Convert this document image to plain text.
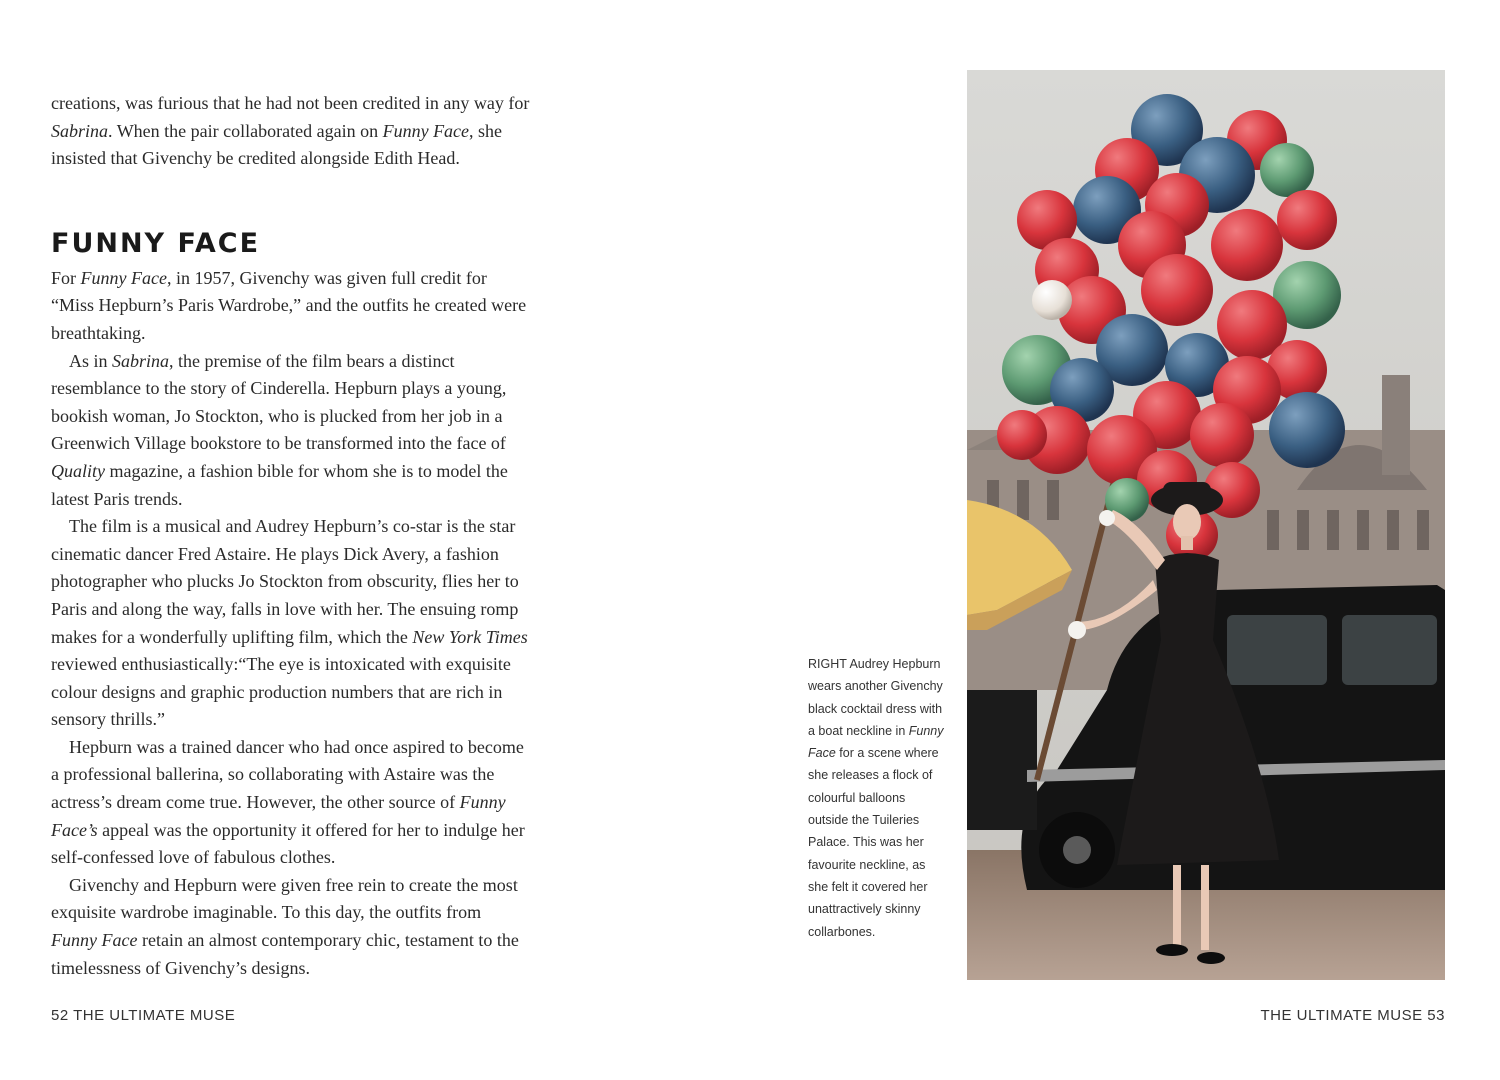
creations, was furious that he had not been credited in any way for Sabrina. When the pair collaborated again on Funny Face, she insisted that Givenchy be credited alongside Edith Head.

FUNNY FACE

For Funny Face, in 1957, Givenchy was given full credit for “Miss Hepburn’s Paris Wardrobe,” and the outfits he created were breathtaking.

As in Sabrina, the premise of the film bears a distinct resemblance to the story of Cinderella. Hepburn plays a young, bookish woman, Jo Stockton, who is plucked from her job in a Greenwich Village bookstore to be transformed into the face of Quality magazine, a fashion bible for whom she is to model the latest Paris trends.

The film is a musical and Audrey Hepburn’s co-star is the star cinematic dancer Fred Astaire. He plays Dick Avery, a fashion photographer who plucks Jo Stockton from obscurity, flies her to Paris and along the way, falls in love with her. The ensuing romp makes for a wonderfully uplifting film, which the New York Times reviewed enthusiastically:“The eye is intoxicated with exquisite colour designs and graphic production numbers that are rich in sensory thrills.”

Hepburn was a trained dancer who had once aspired to become a professional ballerina, so collaborating with Astaire was the actress’s dream come true. However, the other source of Funny Face’s appeal was the opportunity it offered for her to indulge her self-confessed love of fabulous clothes.

Givenchy and Hepburn were given free rein to create the most exquisite wardrobe imaginable. To this day, the outfits from Funny Face retain an almost contemporary chic, testament to the timelessness of Givenchy’s designs.

52 THE ULTIMATE MUSE
RIGHT Audrey Hepburn wears another Givenchy black cocktail dress with a boat neckline in Funny Face for a scene where she releases a flock of colourful balloons outside the Tuileries Palace. This was her favourite neckline, as she felt it covered her unattractively skinny collarbones.
THE ULTIMATE MUSE 53
